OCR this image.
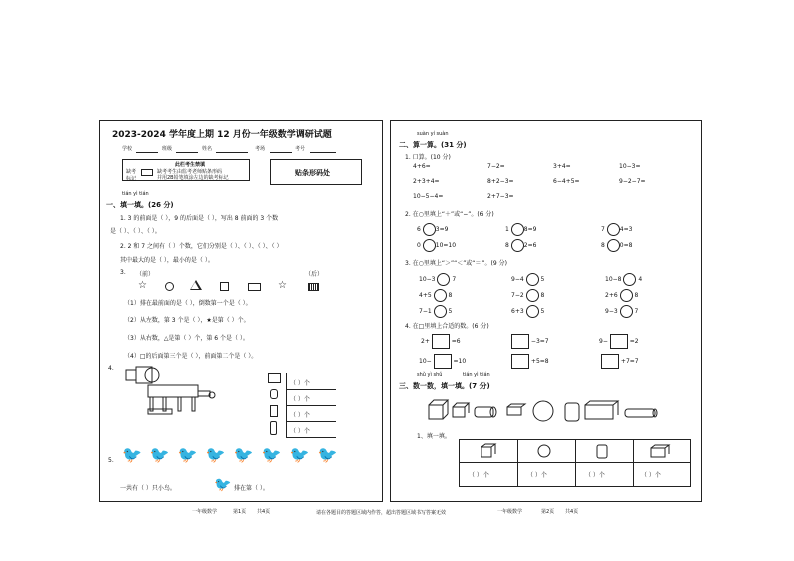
2023-2024 学年度上期 12 月份一年级数学调研试题
学校	班级	姓名	考场	考号
此栏考生禁填
缺考标记
缺考考生由监考老师贴条形码
并用2B铅笔填涂左边的缺考标记
贴条形码处
tián yì tián
一、填一填。(26 分)
1. 3 的前面是（ ），9 的后面是（ ），写出 8 前面的 3 个数
是（ ）、（ ）、（ ）。
2. 2 和 7 之间有（ ）个数，它们分别是（ ）、（ ）、（ ）、（ ）
其中最大的是（ ），最小的是（ ）。
3. （前）	（后）
☆	☆
（1）排在最前面的是（ ），倒数第一个是（ ）。
（2）从左数，第 3 个是（ ），★是第（ ）个。
（3）从右数，△是第（ ）个，第 6 个是（ ）。
（4）□的后面第三个是（ ），前面第二个是（ ）。
4.
（ ）个
（ ）个
（ ）个
（ ）个
5. 🐦🐦🐦🐦🐦🐦🐦🐦
一共有（ ）只小鸟。	🐦 排在第（ ）。
一年级数学	第1页 共4页	请在各题目的答题区域内作答，超出答题区域书写答案无效
suàn yí suàn
二、算一算。(31 分)
1. 口算。(10 分)
4+6=	7−2=	3+4=	10−3=
2+3+4=	8+2−3=	6−4+5=	9−2−7=
10−5−4=	2+7−3=
2. 在○里填上“＋”或“−”。(6 分)
6 3=9	1 8=9	7 4=3
0 10=10	8 2=6	8 0=8
3. 在○里填上“＞”“＜”或“＝”。(9 分)
10−3	7	9−4	5	10−8	4
4+5	8	7−2	8	2+6	8
7−1	5	6+3	5	9−3	7
4. 在□里填上合适的数。(6 分)
2+	=6	−3=7	9−	=2
10−	=10	+5=8	+7=7
shǔ yì shǔ	tián yì tián
三、数一数，填一填。(7 分)
1、填一填。
（ ）个	（ ）个	（ ）个	（ ）个
一年级数学	第2页 共4页
